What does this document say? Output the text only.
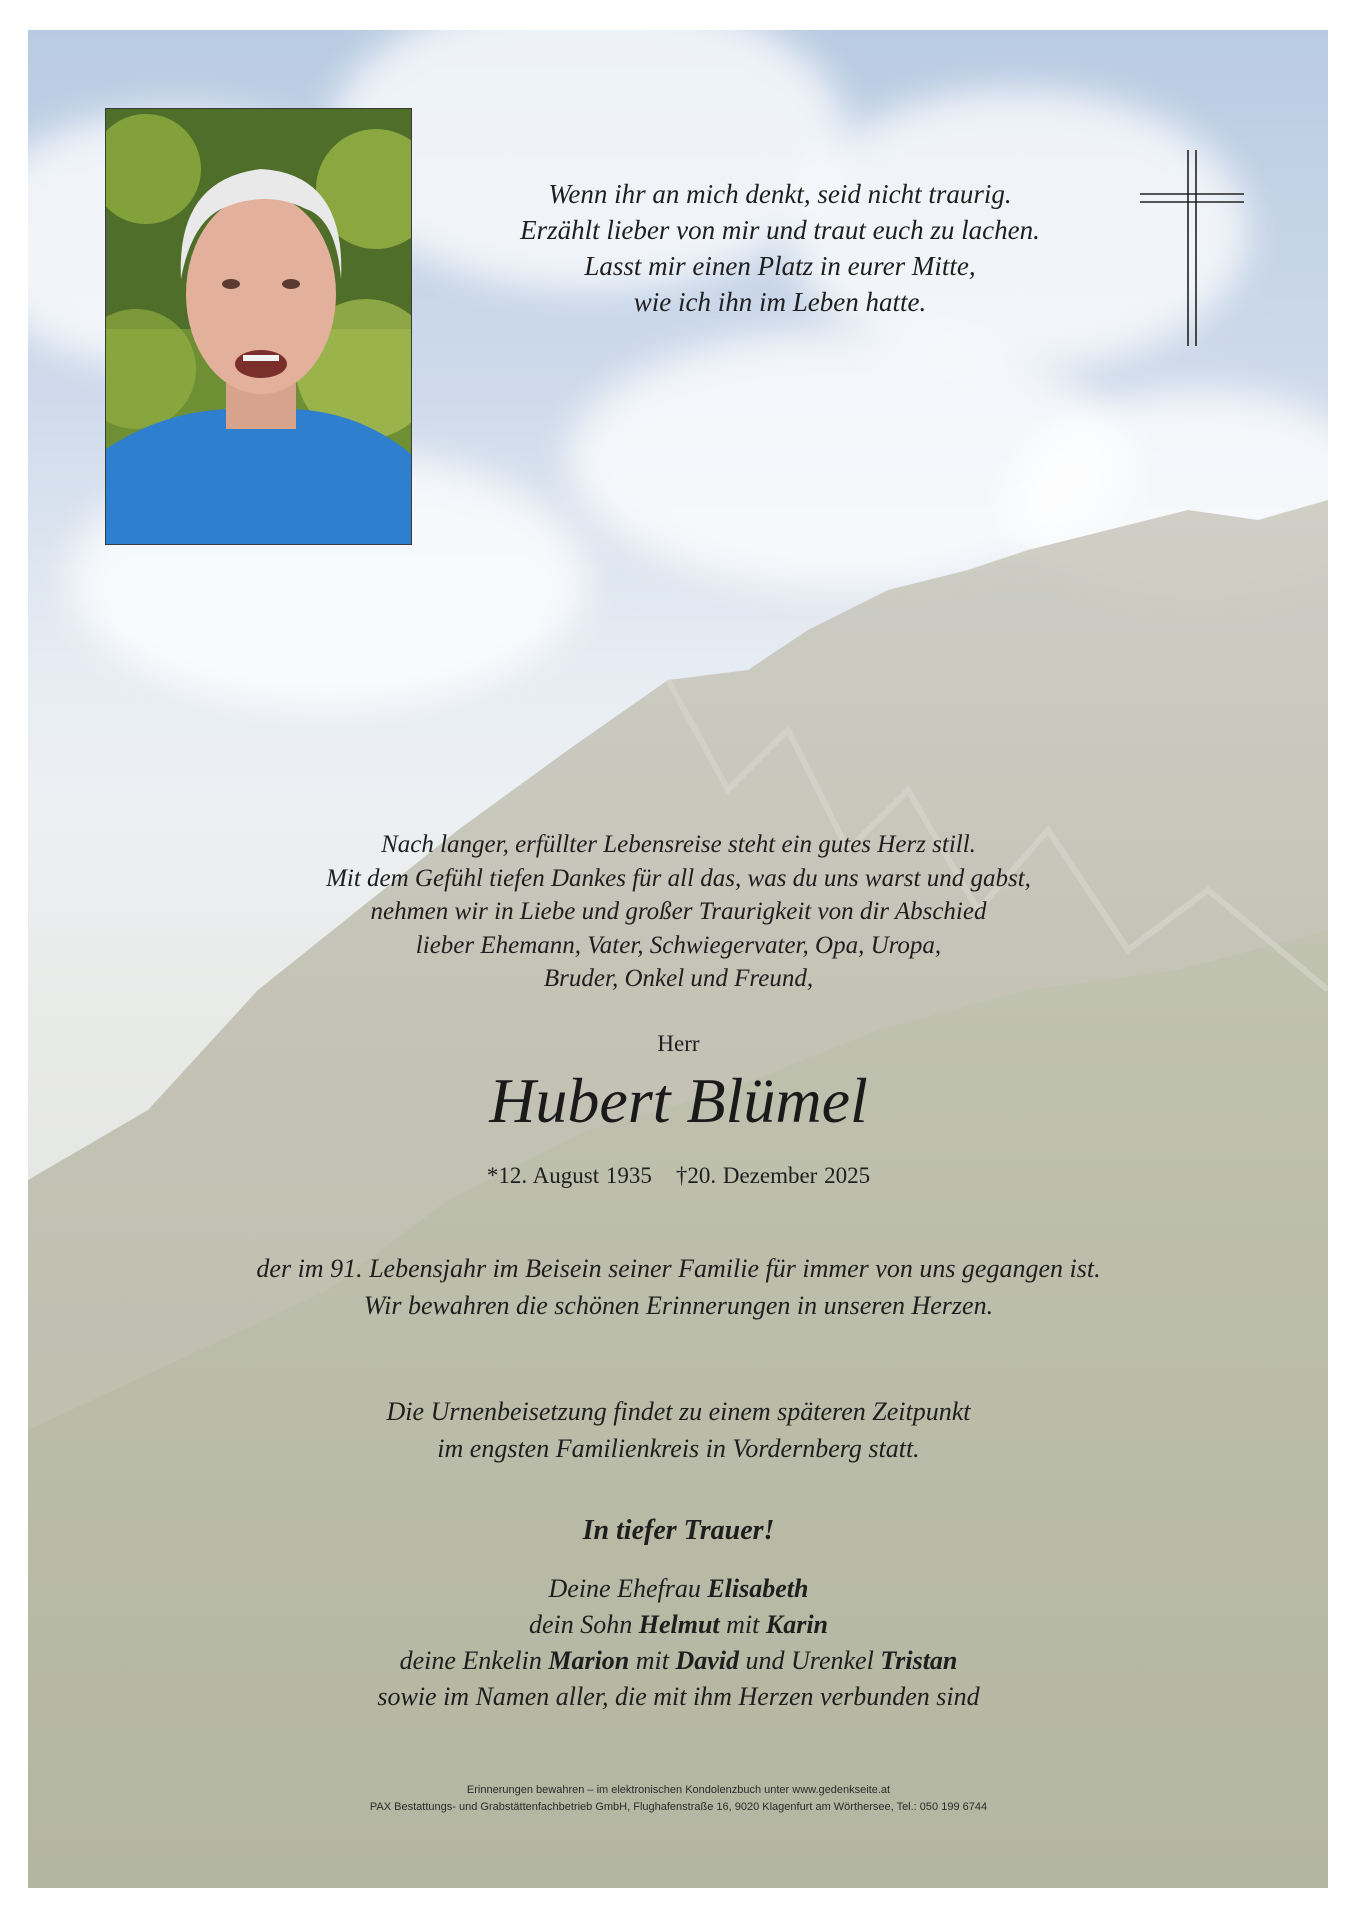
Wenn ihr an mich denkt, seid nicht traurig.
Erzählt lieber von mir und traut euch zu lachen.
Lasst mir einen Platz in eurer Mitte,
wie ich ihn im Leben hatte.
Nach langer, erfüllter Lebensreise steht ein gutes Herz still.
Mit dem Gefühl tiefen Dankes für all das, was du uns warst und gabst,
nehmen wir in Liebe und großer Traurigkeit von dir Abschied
lieber Ehemann, Vater, Schwiegervater, Opa, Uropa,
Bruder, Onkel und Freund,
Herr
Hubert Blümel
*12. August 1935 †20. Dezember 2025
der im 91. Lebensjahr im Beisein seiner Familie für immer von uns gegangen ist.
Wir bewahren die schönen Erinnerungen in unseren Herzen.
Die Urnenbeisetzung findet zu einem späteren Zeitpunkt
im engsten Familienkreis in Vordernberg statt.
In tiefer Trauer!
Deine Ehefrau Elisabeth
dein Sohn Helmut mit Karin
deine Enkelin Marion mit David und Urenkel Tristan
sowie im Namen aller, die mit ihm Herzen verbunden sind
Erinnerungen bewahren – im elektronischen Kondolenzbuch unter www.gedenkseite.at
PAX Bestattungs- und Grabstättenfachbetrieb GmbH, Flughafenstraße 16, 9020 Klagenfurt am Wörthersee, Tel.: 050 199 6744
